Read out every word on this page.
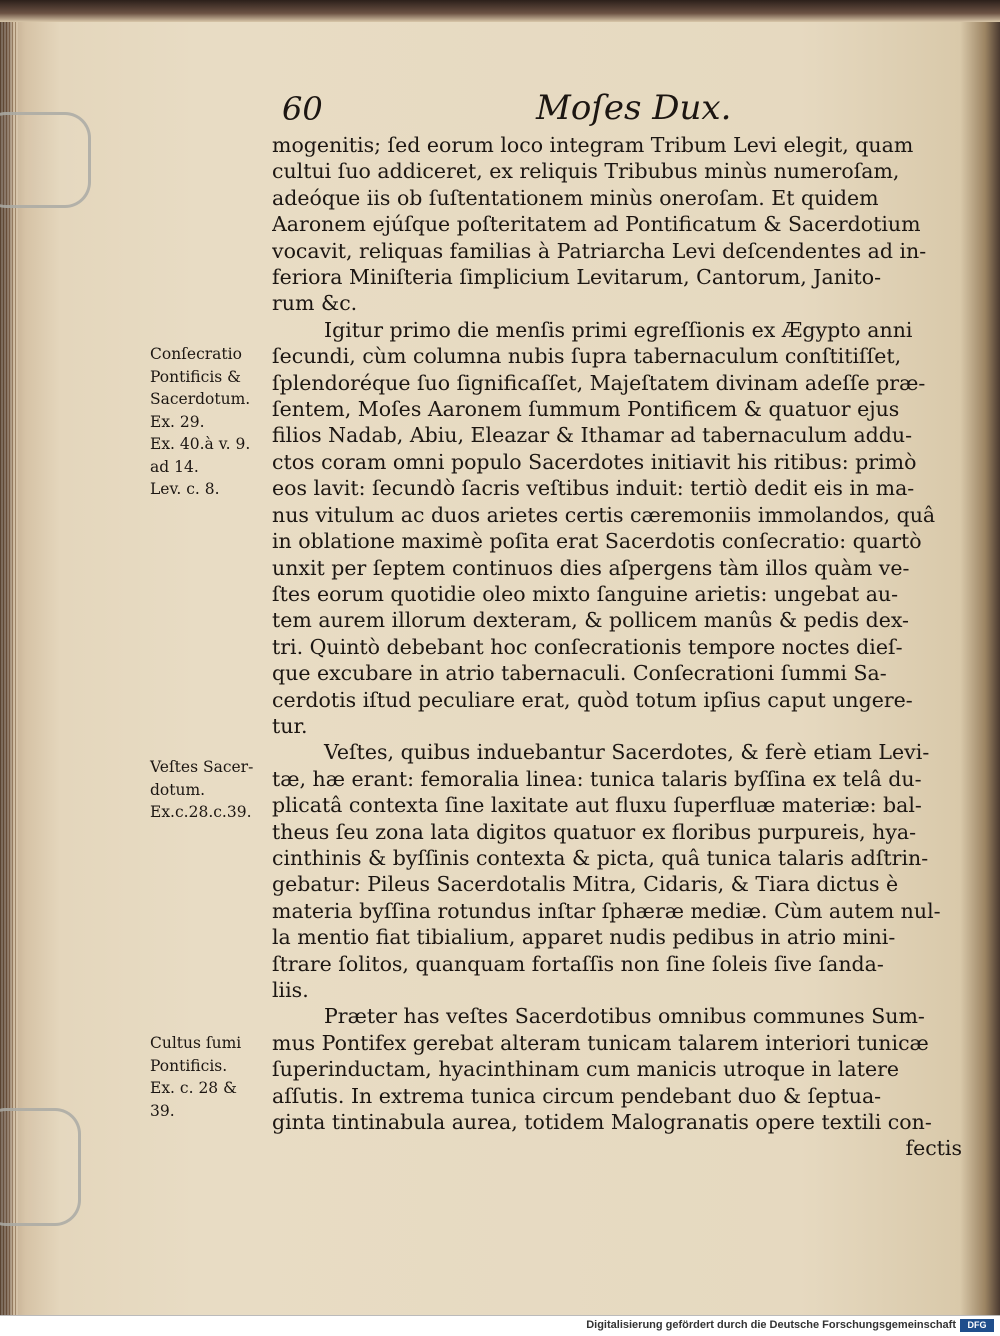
60	Moſes Dux.
Conſecratio
Pontificis &
Sacerdotum.
Ex. 29.
Ex. 40.à v. 9.
ad 14.
Lev. c. 8.
Veſtes Sacer-
dotum.
Ex.c.28.c.39.
Cultus ſumi
Pontificis.
Ex. c. 28 &
39.
mogenitis; ſed eorum loco integram Tribum Levi elegit, quam
cultui ſuo addiceret, ex reliquis Tribubus minùs numeroſam,
adeóque iis ob ſuſtentationem minùs oneroſam. Et quidem
Aaronem ejúſque poſteritatem ad Pontificatum & Sacerdotium
vocavit, reliquas familias à Patriarcha Levi deſcendentes ad in-
feriora Miniſteria ſimplicium Levitarum, Cantorum, Janito-
rum &c.
Igitur primo die menſis primi egreſſionis ex Ægypto anni
ſecundi, cùm columna nubis ſupra tabernaculum conſtitiſſet,
ſplendoréque ſuo ſignificaſſet, Majeſtatem divinam adeſſe præ-
ſentem, Moſes Aaronem ſummum Pontificem & quatuor ejus
filios Nadab, Abiu, Eleazar & Ithamar ad tabernaculum addu-
ctos coram omni populo Sacerdotes initiavit his ritibus: primò
eos lavit: ſecundò ſacris veſtibus induit: tertiò dedit eis in ma-
nus vitulum ac duos arietes certis cæremoniis immolandos, quâ
in oblatione maximè poſita erat Sacerdotis conſecratio: quartò
unxit per ſeptem continuos dies aſpergens tàm illos quàm ve-
ſtes eorum quotidie oleo mixto ſanguine arietis: ungebat au-
tem aurem illorum dexteram, & pollicem manûs & pedis dex-
tri. Quintò debebant hoc conſecrationis tempore noctes dieſ-
que excubare in atrio tabernaculi. Conſecrationi ſummi Sa-
cerdotis iſtud peculiare erat, quòd totum ipſius caput ungere-
tur.
Veſtes, quibus induebantur Sacerdotes, & ferè etiam Levi-
tæ, hæ erant: femoralia linea: tunica talaris byſſina ex telâ du-
plicatâ contexta ſine laxitate aut fluxu ſuperfluæ materiæ: bal-
theus ſeu zona lata digitos quatuor ex floribus purpureis, hya-
cinthinis & byſſinis contexta & picta, quâ tunica talaris adſtrin-
gebatur: Pileus Sacerdotalis Mitra, Cidaris, & Tiara dictus è
materia byſſina rotundus inſtar ſphæræ mediæ. Cùm autem nul-
la mentio fiat tibialium, apparet nudis pedibus in atrio mini-
ſtrare ſolitos, quanquam fortaſſis non ſine ſoleis ſive ſanda-
liis.
Præter has veſtes Sacerdotibus omnibus communes Sum-
mus Pontifex gerebat alteram tunicam talarem interiori tunicæ
ſuperinductam, hyacinthinam cum manicis utroque in latere
aſſutis. In extrema tunica circum pendebant duo & ſeptua-
ginta tintinabula aurea, totidem Malogranatis opere textili con-
fectis
Digitalisierung gefördert durch die Deutsche Forschungsgemeinschaft	DFG
